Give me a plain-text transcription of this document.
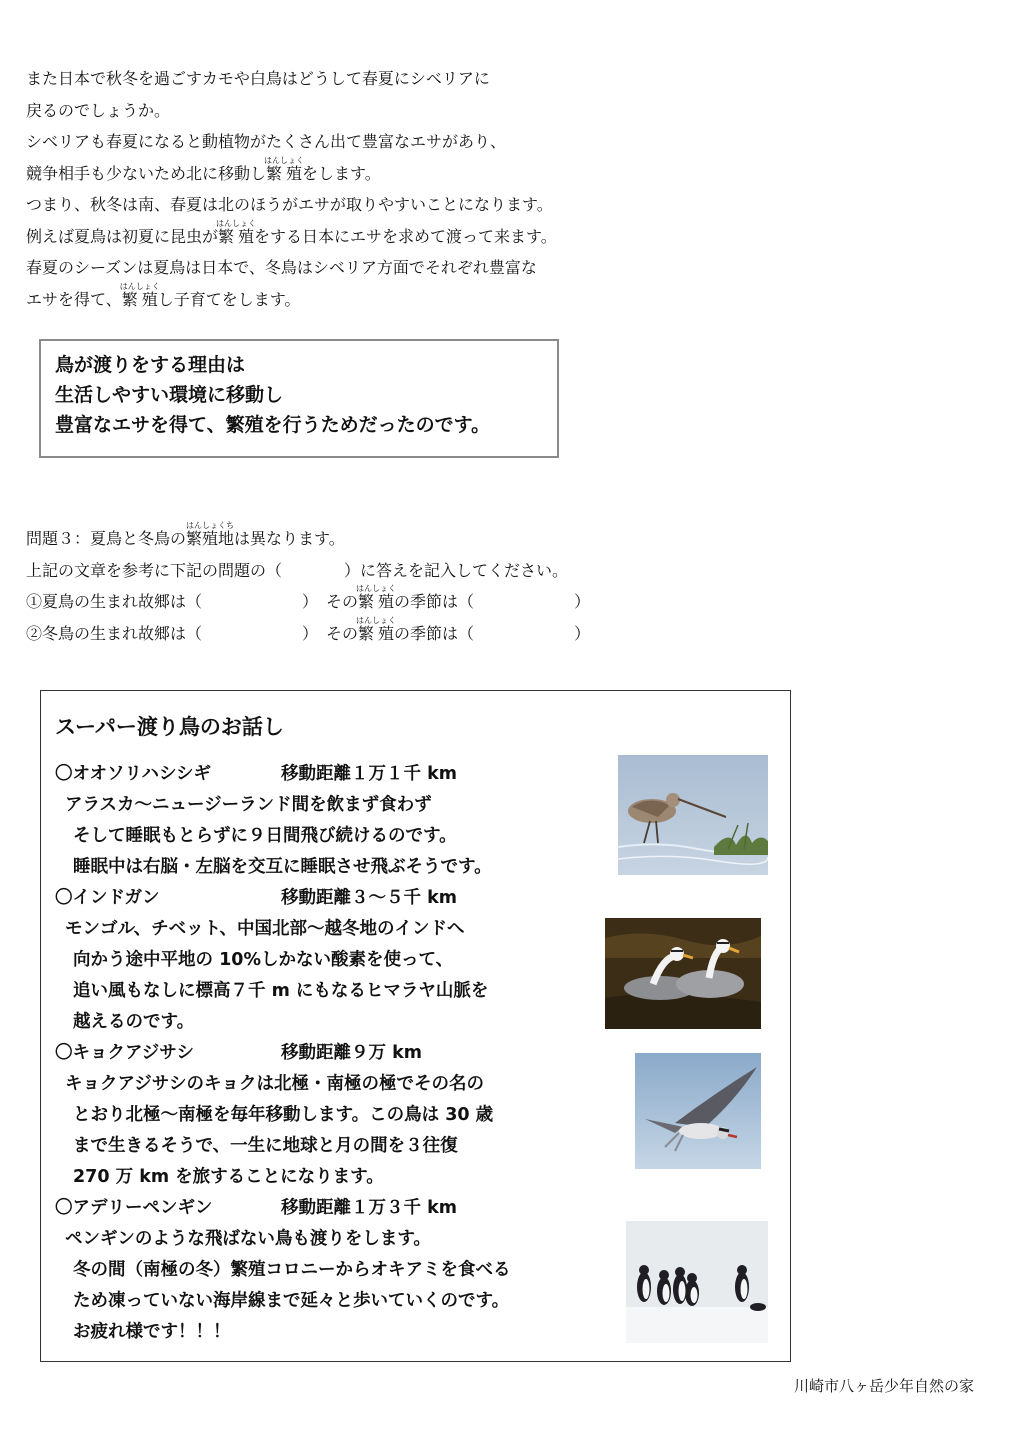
また日本で秋冬を過ごすカモや白鳥はどうして春夏にシベリアに
戻るのでしょうか。
シベリアも春夏になると動植物がたくさん出て豊富なエサがあり、
競争相手も少ないため北に移動し繁殖はんしょくをします。
つまり、秋冬は南、春夏は北のほうがエサが取りやすいことになります。
例えば夏鳥は初夏に昆虫が繁殖はんしょくをする日本にエサを求めて渡って来ます。
春夏のシーズンは夏鳥は日本で、冬鳥はシベリア方面でそれぞれ豊富な
エサを得て、繁殖はんしょくし子育てをします。
鳥が渡りをする理由は
生活しやすい環境に移動し
豊富なエサを得て、繁殖を行うためだったのです。
問題３：夏鳥と冬鳥の繁殖地はんしょくちは異なります。
上記の文章を参考に下記の問題の（	）に答えを記入してください。
①夏鳥の生まれ故郷は（	）　その繁殖はんしょくの季節は（	）
②冬鳥の生まれ故郷は（	）　その繁殖はんしょくの季節は（	）
スーパー渡り鳥のお話し
〇オオソリハシシギ	移動距離１万１千 km
アラスカ～ニュージーランド間を飲まず食わず
そして睡眠もとらずに９日間飛び続けるのです。
睡眠中は右脳・左脳を交互に睡眠させ飛ぶそうです。
〇インドガン	移動距離３～５千 km
モンゴル、チベット、中国北部～越冬地のインドへ
向かう途中平地の 10%しかない酸素を使って、
追い風もなしに標高７千 m にもなるヒマラヤ山脈を
越えるのです。
〇キョクアジサシ	移動距離９万 km
キョクアジサシのキョクは北極・南極の極でその名の
とおり北極～南極を毎年移動します。この鳥は 30 歳
まで生きるそうで、一生に地球と月の間を３往復
270 万 km を旅することになります。
〇アデリーペンギン	移動距離１万３千 km
ペンギンのような飛ばない鳥も渡りをします。
冬の間（南極の冬）繁殖コロニーからオキアミを食べる
ため凍っていない海岸線まで延々と歩いていくのです。
お疲れ様です！！！
川崎市八ヶ岳少年自然の家
